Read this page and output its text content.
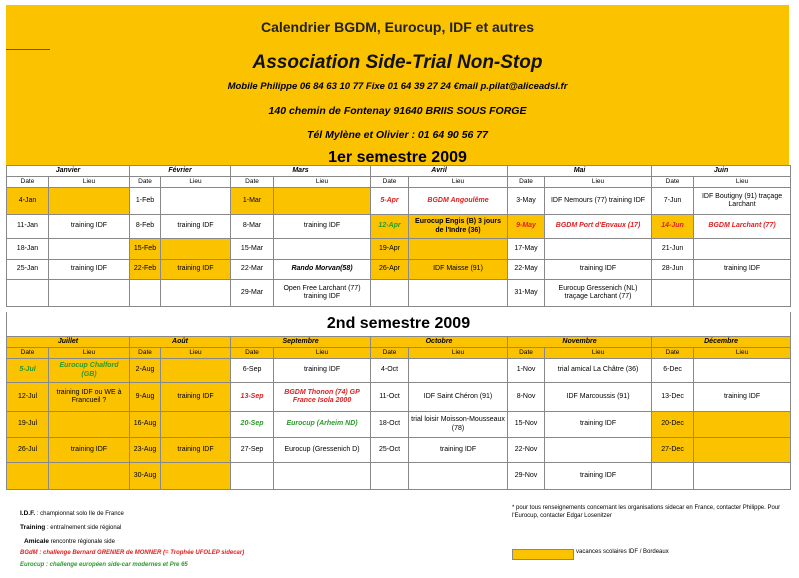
Calendrier BGDM, Eurocup, IDF et autres
Association Side-Trial Non-Stop
Mobile Philippe 06 84 63 10 77 Fixe 01 64 39 27 24 €mail p.pilat@aliceadsl.fr
140 chemin de Fontenay 91640 BRIIS SOUS FORGE
Tél Mylène et Olivier : 01 64 90 56 77
1er semestre 2009
Janvier		Février		Mars		Avril		Mai		Juin	
Date	Lieu	Date	Lieu	Date	Lieu	Date	Lieu	Date	Lieu	Date	Lieu
4-Jan		1-Feb		1-Mar		5-Apr	BGDM Angoulême	3-May	IDF Nemours (77) training IDF	7-Jun	IDF Boutigny (91) traçage Larchant
11-Jan	training IDF	8-Feb	training IDF	8-Mar	training IDF	12-Apr	Eurocup Engis (B) 3 jours de l'Indre (36)	9-May	BGDM Port d'Envaux (17)	14-Jun	BGDM Larchant (77)
18-Jan		15-Feb		15-Mar		19-Apr		17-May		21-Jun	
25-Jan	training IDF	22-Feb	training IDF	22-Mar	Rando Morvan(58)	26-Apr	IDF Maisse (91)	22-May	training IDF	28-Jun	training IDF
				29-Mar	Open Free Larchant (77) training IDF			31-May	Eurocup Gressenich (NL) traçage Larchant (77)		
2nd semestre 2009
Juillet		Août		Septembre		Octobre		Novembre		Décembre	
Date	Lieu	Date	Lieu	Date	Lieu	Date	Lieu	Date	Lieu	Date	Lieu
5-Jul	Eurocup Chalford (GB)	2-Aug		6-Sep	training IDF	4-Oct		1-Nov	trial amical La Châtre (36)	6-Dec	
12-Jul	training IDF ou WE à Francueil ?	9-Aug	training IDF	13-Sep	BGDM Thonon (74) GP France Isola 2000	11-Oct	IDF Saint Chéron (91)	8-Nov	IDF Marcoussis (91)	13-Dec	training IDF
19-Jul		16-Aug		20-Sep	Eurocup (Arheim ND)	18-Oct	trial loisir Moisson-Mousseaux (78)	15-Nov	training IDF	20-Dec	
26-Jul	training IDF	23-Aug	training IDF	27-Sep	Eurocup (Gressenich D)	25-Oct	training IDF	22-Nov		27-Dec	
		30-Aug						29-Nov	training IDF		
I.D.F. : championnat solo Ile de France
Training : entraînement side régional
Amicale rencontre régionale side
BGdM : challenge Bernard GRENIER de MONNER (= Trophée UFOLEP sidecar)
Eurocup : challenge européen side-car modernes et Pre 65
* pour tous renseignements concernant les organisations sidecar en France, contacter Philippe. Pour l'Eurocup, contacter Edgar Losenitzer
vacances scolaires IDF / Bordeaux
